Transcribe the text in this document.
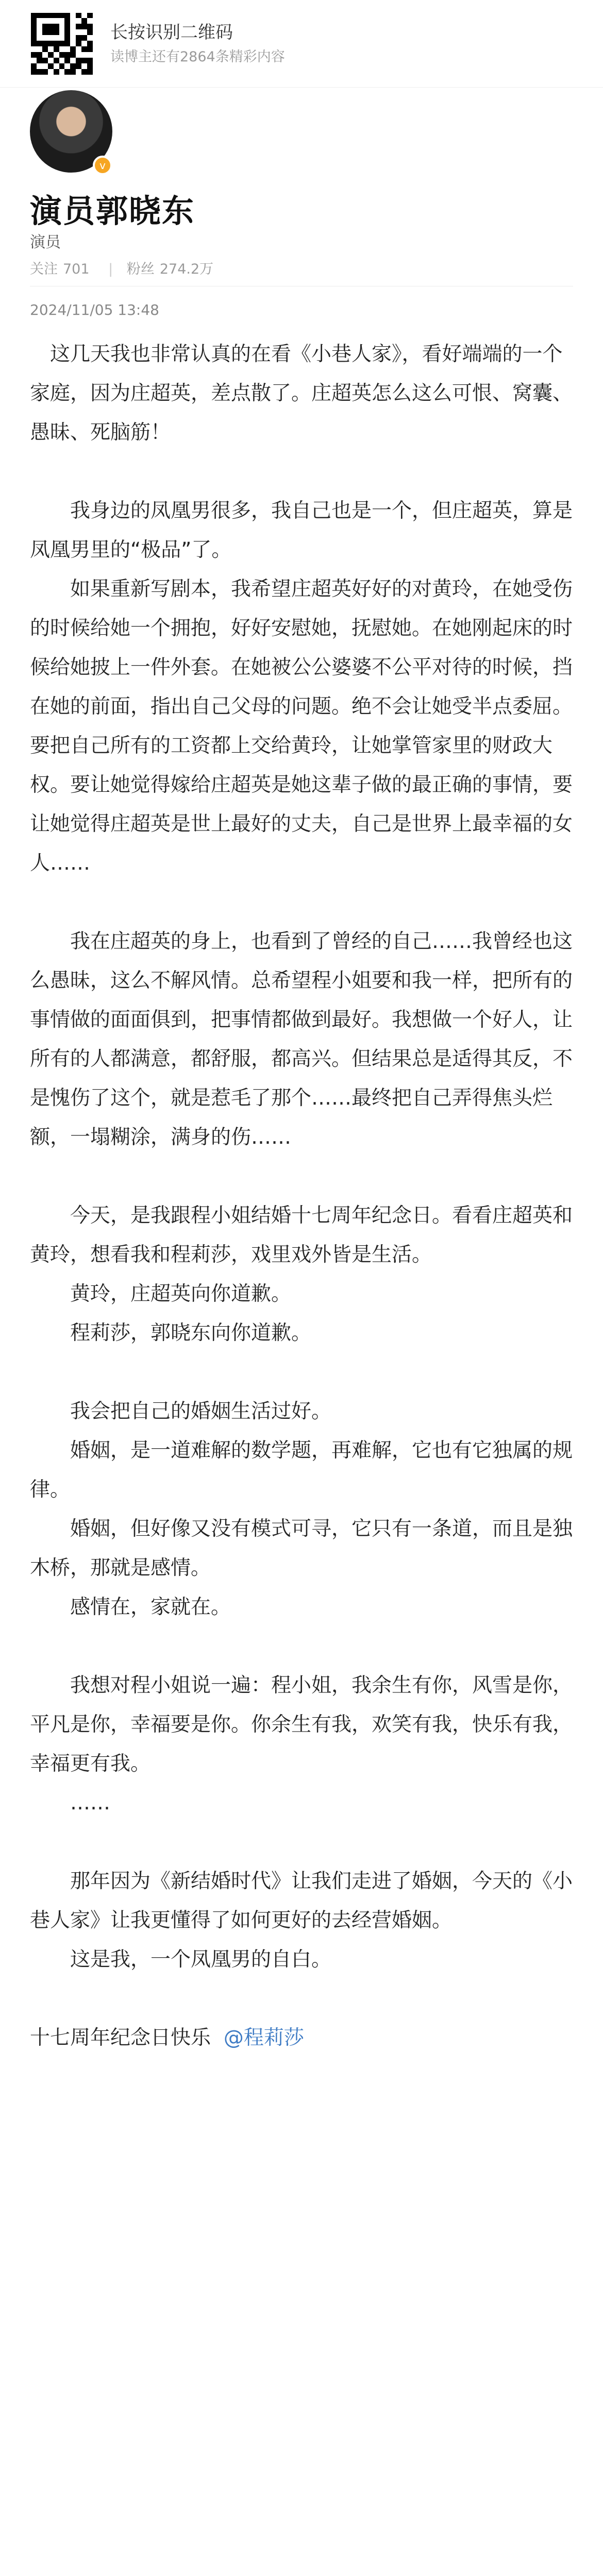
长按识别二维码
读博主还有2864条精彩内容
v
演员郭晓东
演员
关注 701 | 粉丝 274.2万
2024/11/05 13:48

这几天我也非常认真的在看《小巷人家》，看好端端的一个家庭，因为庄超英，差点散了。庄超英怎么这么可恨、窝囊、愚昧、死脑筋！

我身边的凤凰男很多，我自己也是一个，但庄超英，算是凤凰男里的“极品”了。

如果重新写剧本，我希望庄超英好好的对黄玲，在她受伤的时候给她一个拥抱，好好安慰她，抚慰她。在她刚起床的时候给她披上一件外套。在她被公公婆婆不公平对待的时候，挡在她的前面，指出自己父母的问题。绝不会让她受半点委屈。要把自己所有的工资都上交给黄玲，让她掌管家里的财政大权。要让她觉得嫁给庄超英是她这辈子做的最正确的事情，要让她觉得庄超英是世上最好的丈夫，自己是世界上最幸福的女人……

我在庄超英的身上，也看到了曾经的自己……我曾经也这么愚昧，这么不解风情。总希望程小姐要和我一样，把所有的事情做的面面俱到，把事情都做到最好。我想做一个好人，让所有的人都满意，都舒服，都高兴。但结果总是适得其反，不是愧伤了这个，就是惹毛了那个……最终把自己弄得焦头烂额，一塌糊涂，满身的伤……

今天，是我跟程小姐结婚十七周年纪念日。看看庄超英和黄玲，想看我和程莉莎，戏里戏外皆是生活。

黄玲，庄超英向你道歉。

程莉莎，郭晓东向你道歉。

我会把自己的婚姻生活过好。

婚姻，是一道难解的数学题，再难解，它也有它独属的规律。

婚姻，但好像又没有模式可寻，它只有一条道，而且是独木桥，那就是感情。

感情在，家就在。

我想对程小姐说一遍：程小姐，我余生有你，风雪是你，平凡是你，幸福要是你。你余生有我，欢笑有我，快乐有我，幸福更有我。

……

那年因为《新结婚时代》让我们走进了婚姻，今天的《小巷人家》让我更懂得了如何更好的去经营婚姻。

这是我，一个凤凰男的自白。

十七周年纪念日快乐 @程莉莎
